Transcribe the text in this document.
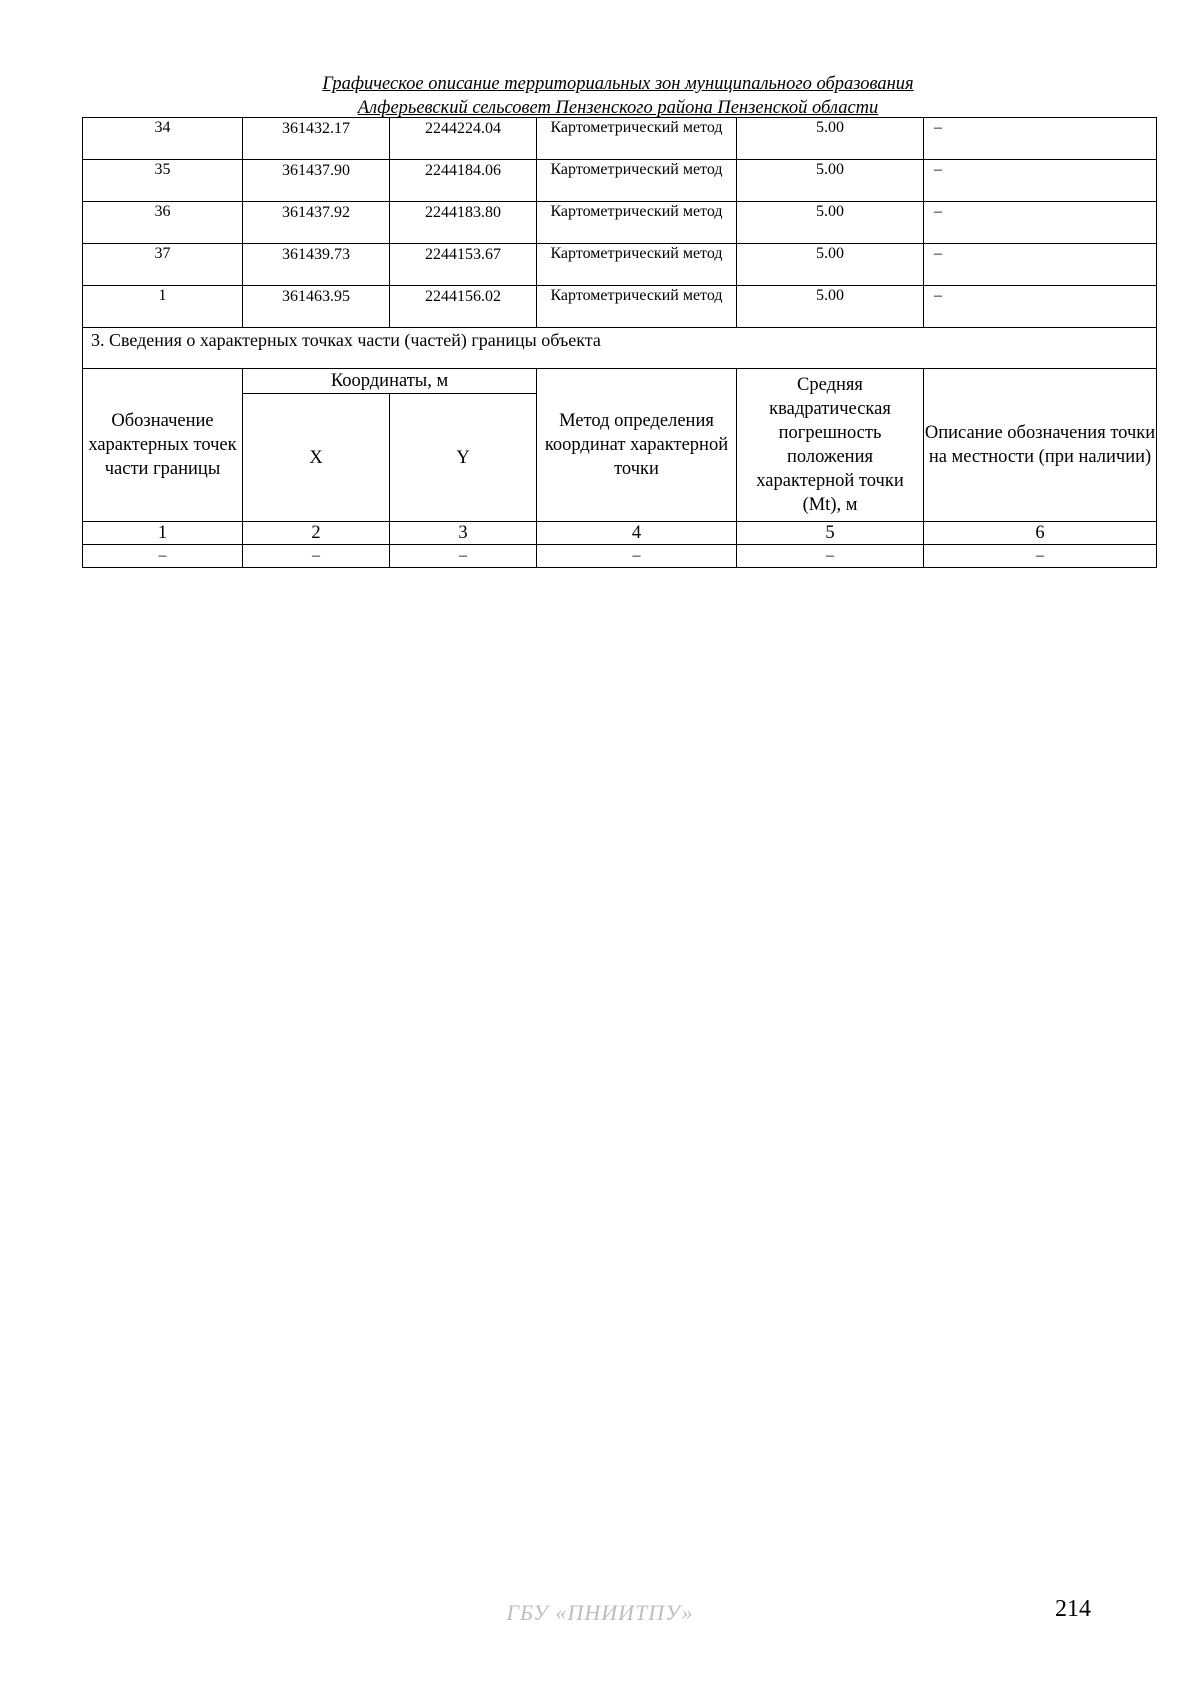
Графическое описание территориальных зон муниципального образования
Алферьевский сельсовет Пензенского района Пензенской области
34	361432.17	2244224.04	Картометрический метод	5.00	–
35	361437.90	2244184.06	Картометрический метод	5.00	–
36	361437.92	2244183.80	Картометрический метод	5.00	–
37	361439.73	2244153.67	Картометрический метод	5.00	–
1	361463.95	2244156.02	Картометрический метод	5.00	–
3. Сведения о характерных точках части (частей) границы объекта					
Обозначение характерных точек части границы	Координаты, м		Метод определения координат характерной точки	Средняя квадратическая погрешность положения характерной точки (Mt), м	Описание обозначения точки на местности (при наличии)
	X	Y			
1	2	3	4	5	6
–	–	–	–	–	–
ГБУ «ПНИИТПУ»	214
